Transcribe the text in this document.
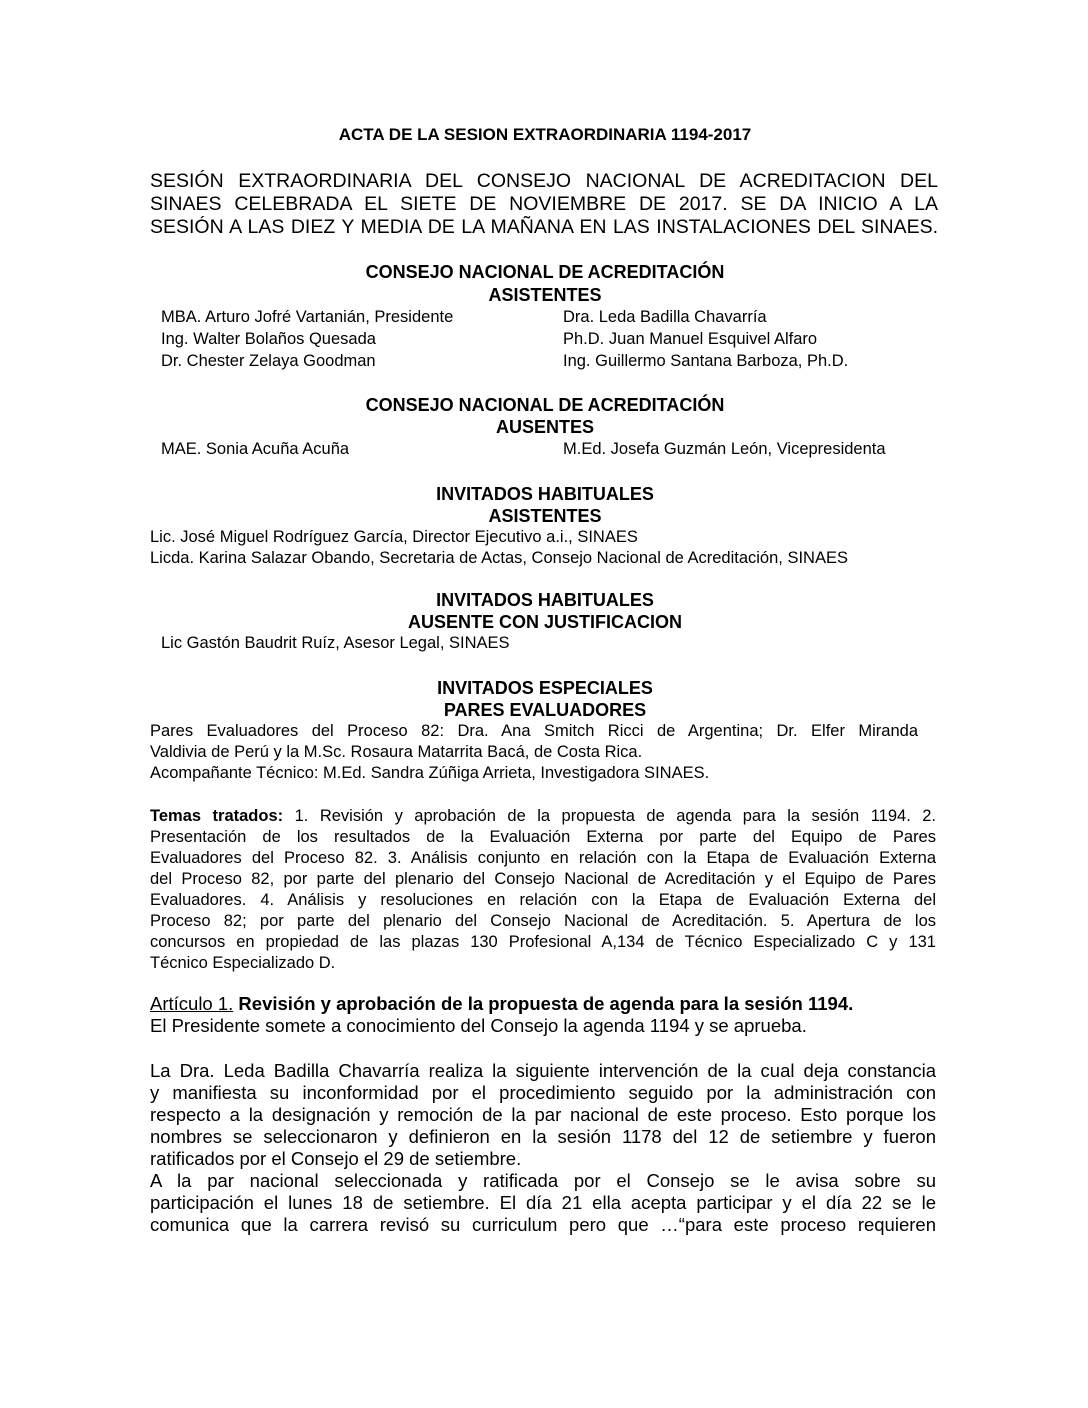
ACTA DE LA SESION EXTRAORDINARIA 1194-2017
SESIÓN EXTRAORDINARIA DEL CONSEJO NACIONAL DE ACREDITACION DEL
SINAES CELEBRADA EL SIETE DE NOVIEMBRE DE 2017. SE DA INICIO A LA
SESIÓN A LAS DIEZ Y MEDIA DE LA MAÑANA EN LAS INSTALACIONES DEL SINAES.
CONSEJO NACIONAL DE ACREDITACIÓN
ASISTENTES
MBA. Arturo Jofré Vartanián, Presidente
Ing. Walter Bolaños Quesada
Dr. Chester Zelaya Goodman
Dra. Leda Badilla Chavarría
Ph.D. Juan Manuel Esquivel Alfaro
Ing. Guillermo Santana Barboza, Ph.D.
CONSEJO NACIONAL DE ACREDITACIÓN
AUSENTES
MAE. Sonia Acuña Acuña	M.Ed. Josefa Guzmán León, Vicepresidenta
INVITADOS HABITUALES
ASISTENTES
Lic. José Miguel Rodríguez García, Director Ejecutivo a.i., SINAES
Licda. Karina Salazar Obando, Secretaria de Actas, Consejo Nacional de Acreditación, SINAES
INVITADOS HABITUALES
AUSENTE CON JUSTIFICACION
Lic Gastón Baudrit Ruíz, Asesor Legal, SINAES
INVITADOS ESPECIALES
PARES EVALUADORES
Pares Evaluadores del Proceso 82: Dra. Ana Smitch Ricci de Argentina; Dr. Elfer Miranda
Valdivia de Perú y la M.Sc. Rosaura Matarrita Bacá, de Costa Rica.
Acompañante Técnico: M.Ed. Sandra Zúñiga Arrieta, Investigadora SINAES.
Temas tratados: 1. Revisión y aprobación de la propuesta de agenda para la sesión 1194. 2.
Presentación de los resultados de la Evaluación Externa por parte del Equipo de Pares
Evaluadores del Proceso 82. 3. Análisis conjunto en relación con la Etapa de Evaluación Externa
del Proceso 82, por parte del plenario del Consejo Nacional de Acreditación y el Equipo de Pares
Evaluadores. 4. Análisis y resoluciones en relación con la Etapa de Evaluación Externa del
Proceso 82; por parte del plenario del Consejo Nacional de Acreditación. 5. Apertura de los
concursos en propiedad de las plazas 130 Profesional A,134 de Técnico Especializado C y 131
Técnico Especializado D.
Artículo 1. Revisión y aprobación de la propuesta de agenda para la sesión 1194.
El Presidente somete a conocimiento del Consejo la agenda 1194 y se aprueba.
La Dra. Leda Badilla Chavarría realiza la siguiente intervención de la cual deja constancia
y manifiesta su inconformidad por el procedimiento seguido por la administración con
respecto a la designación y remoción de la par nacional de este proceso. Esto porque los
nombres se seleccionaron y definieron en la sesión 1178 del 12 de setiembre y fueron
ratificados por el Consejo el 29 de setiembre.
A la par nacional seleccionada y ratificada por el Consejo se le avisa sobre su
participación el lunes 18 de setiembre. El día 21 ella acepta participar y el día 22 se le
comunica que la carrera revisó su curriculum pero que …“para este proceso requieren
